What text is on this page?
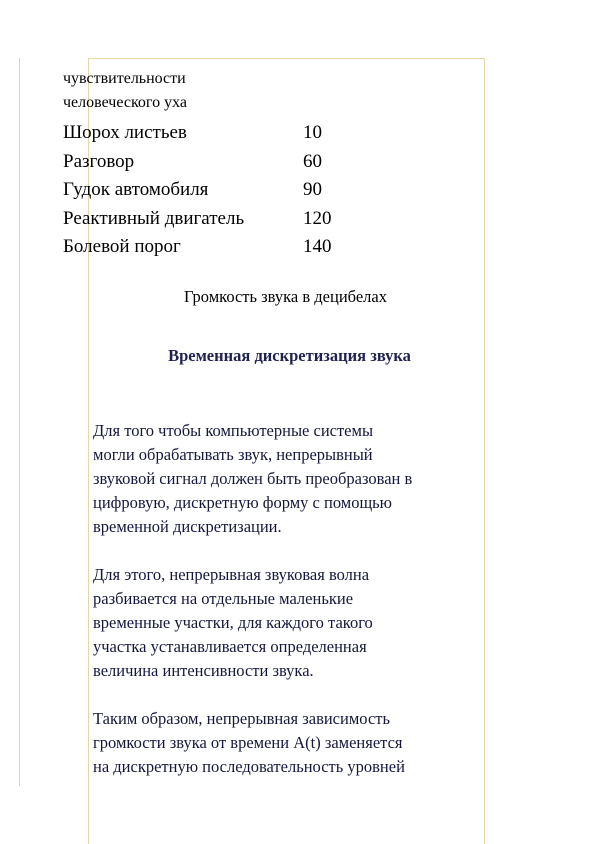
чувствительности
человеческого уха
Шорох листьев	10
Разговор	60
Гудок автомобиля	90
Реактивный двигатель	120
Болевой порог	140
Громкость звука в децибелах
Временная дискретизация звука
Для того чтобы компьютерные системы
могли обрабатывать звук, непрерывный
звуковой сигнал должен быть преобразован в
цифровую, дискретную форму с помощью
временной дискретизации.
Для этого, непрерывная звуковая волна
разбивается на отдельные маленькие
временные участки, для каждого такого
участка устанавливается определенная
величина интенсивности звука.
Таким образом, непрерывная зависимость
громкости звука от времени A(t) заменяется
на дискретную последовательность уровней
